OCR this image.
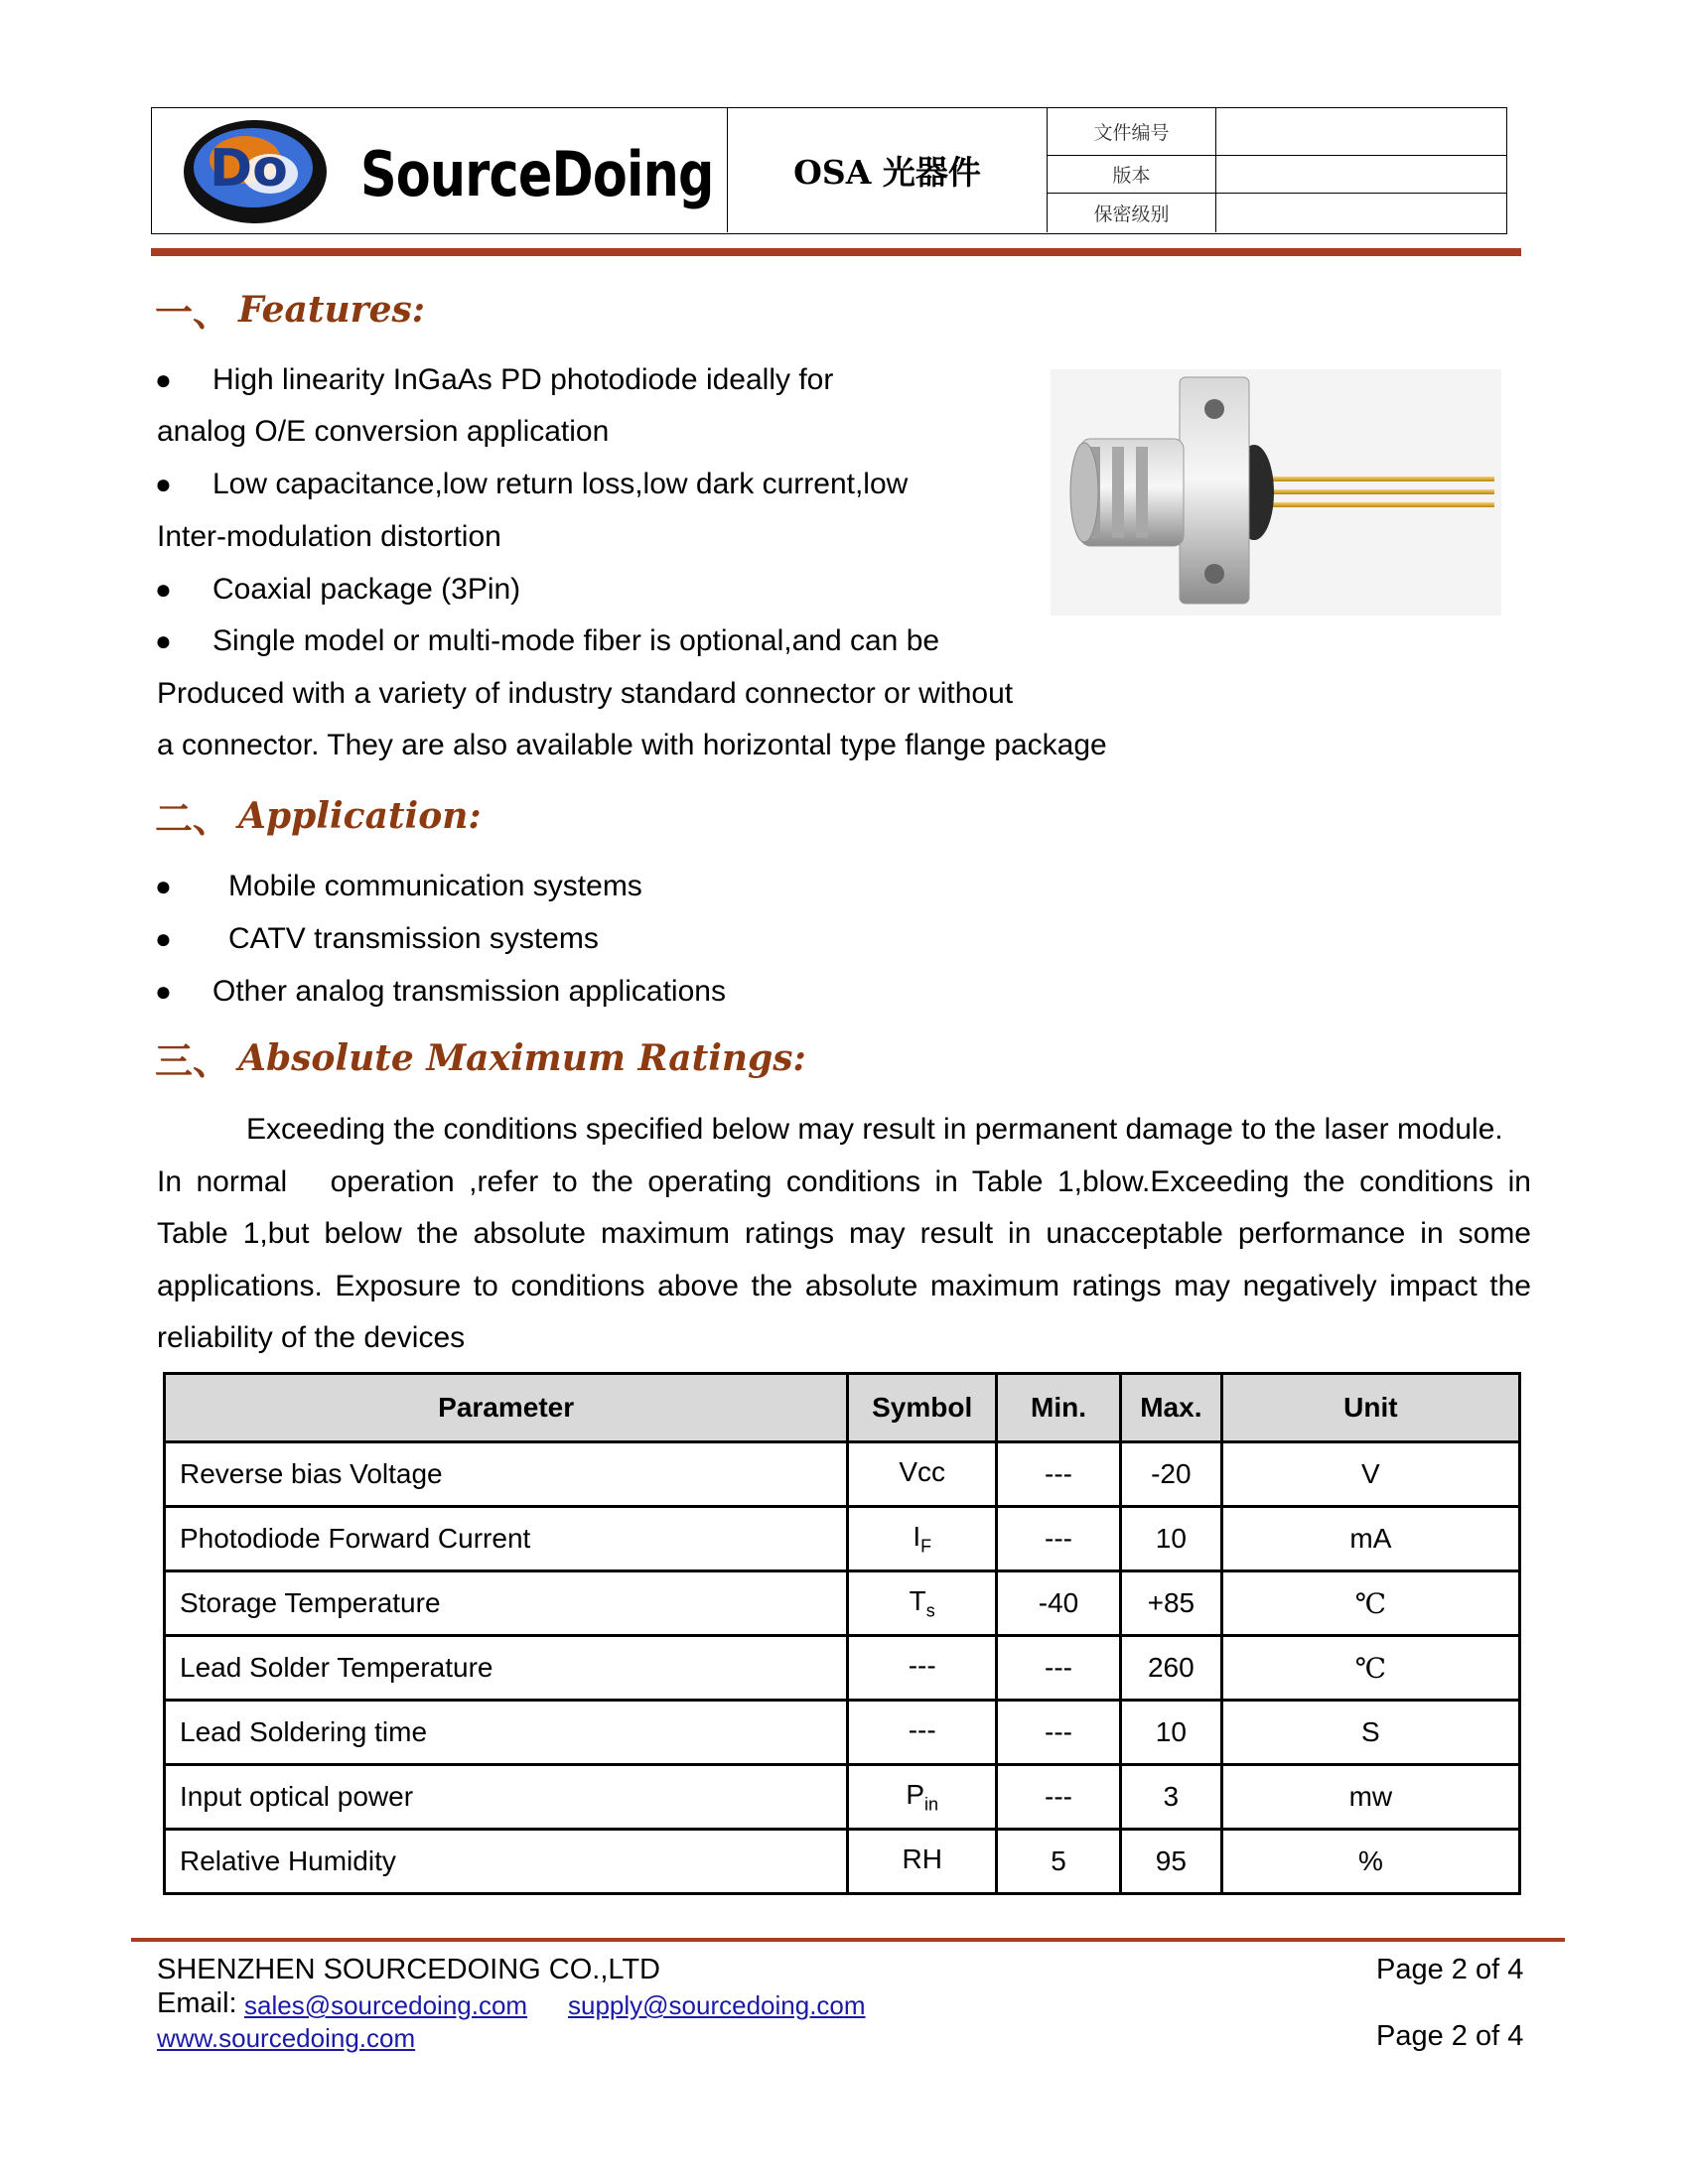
Do SourceDoing	OSA 光器件
文件编号
版本
保密级别
一、 Features:
● High linearity InGaAs PD photodiode ideally for
analog O/E conversion application
● Low capacitance,low return loss,low dark current,low
Inter-modulation distortion
● Coaxial package (3Pin)
● Single model or multi-mode fiber is optional,and can be
Produced with a variety of industry standard connector or without
a connector. They are also available with horizontal type flange package
二、 Application:
● Mobile communication systems
● CATV transmission systems
● Other analog transmission applications
三、 Absolute Maximum Ratings:
Exceeding the conditions specified below may result in permanent damage to the laser module.
In normal   operation ,refer to the operating conditions in Table 1,blow.Exceeding the conditions in
Table 1,but below the absolute maximum ratings may result in unacceptable performance in some
applications. Exposure to conditions above the absolute maximum ratings may negatively impact the
reliability of the devices
Parameter	Symbol	Min.	Max.	Unit
Reverse bias Voltage	Vcc	---	-20	V
Photodiode Forward Current	$I_F$	---	10	mA
Storage Temperature	$T_s$	-40	+85	℃
Lead Solder Temperature	---	---	260	℃
Lead Soldering time	---	---	10	S
Input optical power	$P_{in}$	---	3	mw
Relative Humidity	RH	5	95	%
SHENZHEN SOURCEDOING CO.,LTD	Page 2 of 4
Email: sales@sourcedoing.com supply@sourcedoing.com
www.sourcedoing.com	Page 2 of 4
